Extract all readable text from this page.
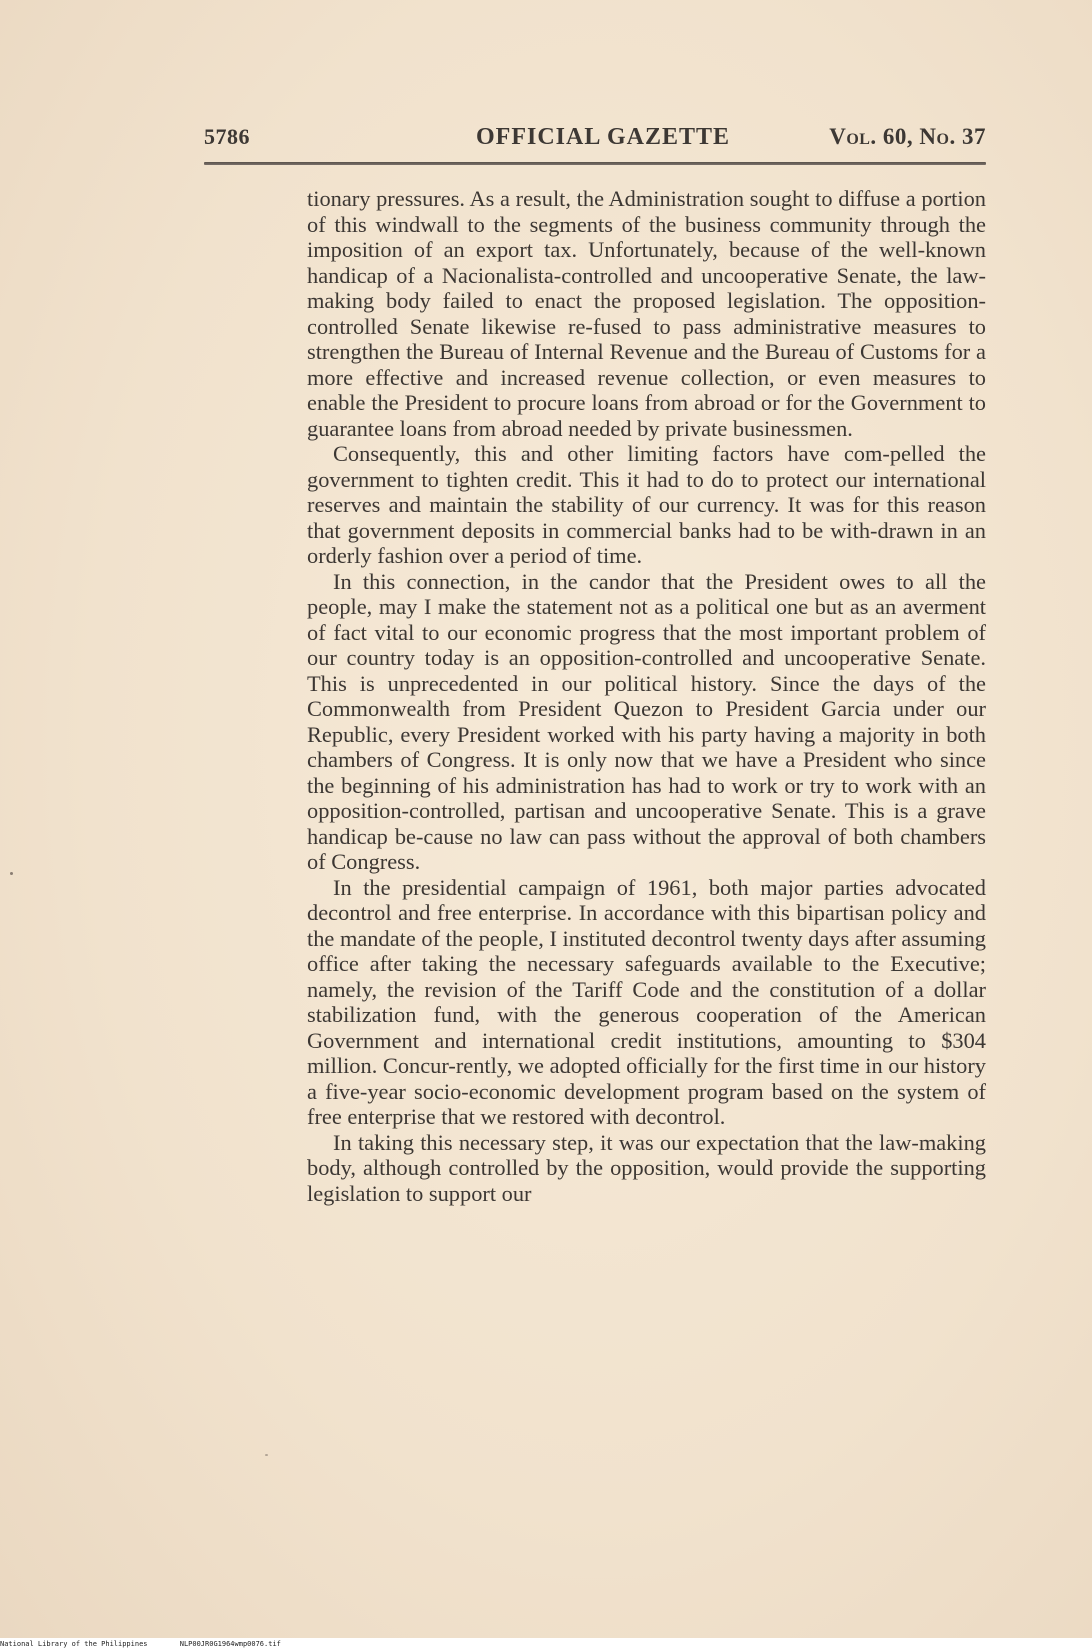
5786	OFFICIAL GAZETTE	Vol. 60, No. 37

tionary pressures. As a result, the Administration sought to diffuse a portion of this windwall to the segments of the business community through the imposition of an export tax. Unfortunately, because of the well-known handicap of a Nacionalista-controlled and uncooperative Senate, the law-making body failed to enact the proposed legislation. The opposition-controlled Senate likewise re-fused to pass administrative measures to strengthen the Bureau of Internal Revenue and the Bureau of Customs for a more effective and increased revenue collection, or even measures to enable the President to procure loans from abroad or for the Government to guarantee loans from abroad needed by private businessmen.

Consequently, this and other limiting factors have com-pelled the government to tighten credit. This it had to do to protect our international reserves and maintain the stability of our currency. It was for this reason that government deposits in commercial banks had to be with-drawn in an orderly fashion over a period of time.

In this connection, in the candor that the President owes to all the people, may I make the statement not as a political one but as an averment of fact vital to our economic progress that the most important problem of our country today is an opposition-controlled and uncooperative Senate. This is unprecedented in our political history. Since the days of the Commonwealth from President Quezon to President Garcia under our Republic, every President worked with his party having a majority in both chambers of Congress. It is only now that we have a President who since the beginning of his administration has had to work or try to work with an opposition-controlled, partisan and uncooperative Senate. This is a grave handicap be-cause no law can pass without the approval of both chambers of Congress.

In the presidential campaign of 1961, both major parties advocated decontrol and free enterprise. In accordance with this bipartisan policy and the mandate of the people, I instituted decontrol twenty days after assuming office after taking the necessary safeguards available to the Executive; namely, the revision of the Tariff Code and the constitution of a dollar stabilization fund, with the generous cooperation of the American Government and international credit institutions, amounting to $304 million. Concur-rently, we adopted officially for the first time in our history a five-year socio-economic development program based on the system of free enterprise that we restored with decontrol.

In taking this necessary step, it was our expectation that the law-making body, although controlled by the opposition, would provide the supporting legislation to support our

National Library of the Philippines	NLP00JR0G1964wmp0076.tif
